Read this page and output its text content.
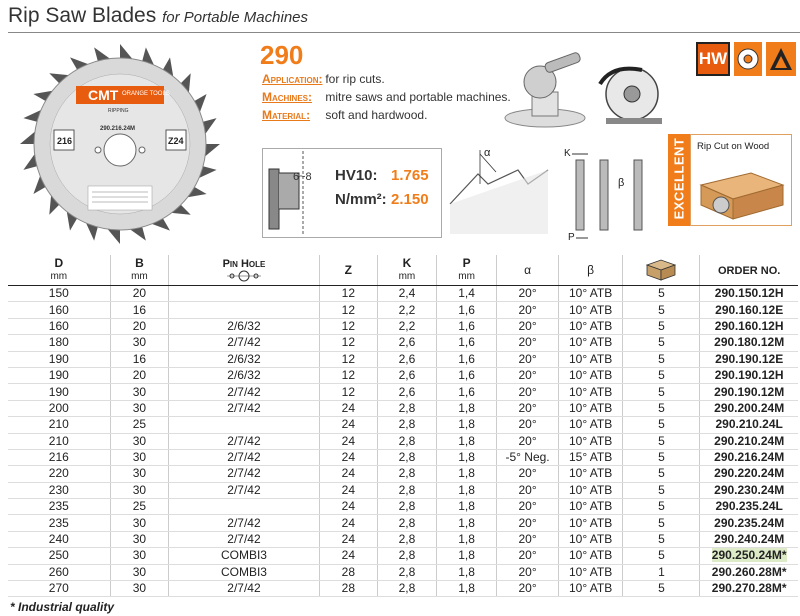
Rip Saw Blades for Portable Machines
CMT ORANGE TOOLS
RIPPING
290.216.24M
216	Z24
290
Application: for rip cuts.
Machines: mitre saws and portable machines.
Material: soft and hardwood.
HW
6~8 HV10: 1.765
N/mm²: 2.150
α	K
β
P
EXCELLENT Rip Cut on Wood
D
mm	B
mm	Pin Hole	Z	K
mm	P
mm	α	β		ORDER NO.
150	20		12	2,4	1,4	20°	10° ATB	5	290.150.12H
160	16		12	2,2	1,6	20°	10° ATB	5	290.160.12E
160	20	2/6/32	12	2,2	1,6	20°	10° ATB	5	290.160.12H
180	30	2/7/42	12	2,6	1,6	20°	10° ATB	5	290.180.12M
190	16	2/6/32	12	2,6	1,6	20°	10° ATB	5	290.190.12E
190	20	2/6/32	12	2,6	1,6	20°	10° ATB	5	290.190.12H
190	30	2/7/42	12	2,6	1,6	20°	10° ATB	5	290.190.12M
200	30	2/7/42	24	2,8	1,8	20°	10° ATB	5	290.200.24M
210	25		24	2,8	1,8	20°	10° ATB	5	290.210.24L
210	30	2/7/42	24	2,8	1,8	20°	10° ATB	5	290.210.24M
216	30	2/7/42	24	2,8	1,8	-5° Neg.	15° ATB	5	290.216.24M
220	30	2/7/42	24	2,8	1,8	20°	10° ATB	5	290.220.24M
230	30	2/7/42	24	2,8	1,8	20°	10° ATB	5	290.230.24M
235	25		24	2,8	1,8	20°	10° ATB	5	290.235.24L
235	30	2/7/42	24	2,8	1,8	20°	10° ATB	5	290.235.24M
240	30	2/7/42	24	2,8	1,8	20°	10° ATB	5	290.240.24M
250	30	COMBI3	24	2,8	1,8	20°	10° ATB	5	290.250.24M*
260	30	COMBI3	28	2,8	1,8	20°	10° ATB	1	290.260.28M*
270	30	2/7/42	28	2,8	1,8	20°	10° ATB	5	290.270.28M*
* Industrial quality
